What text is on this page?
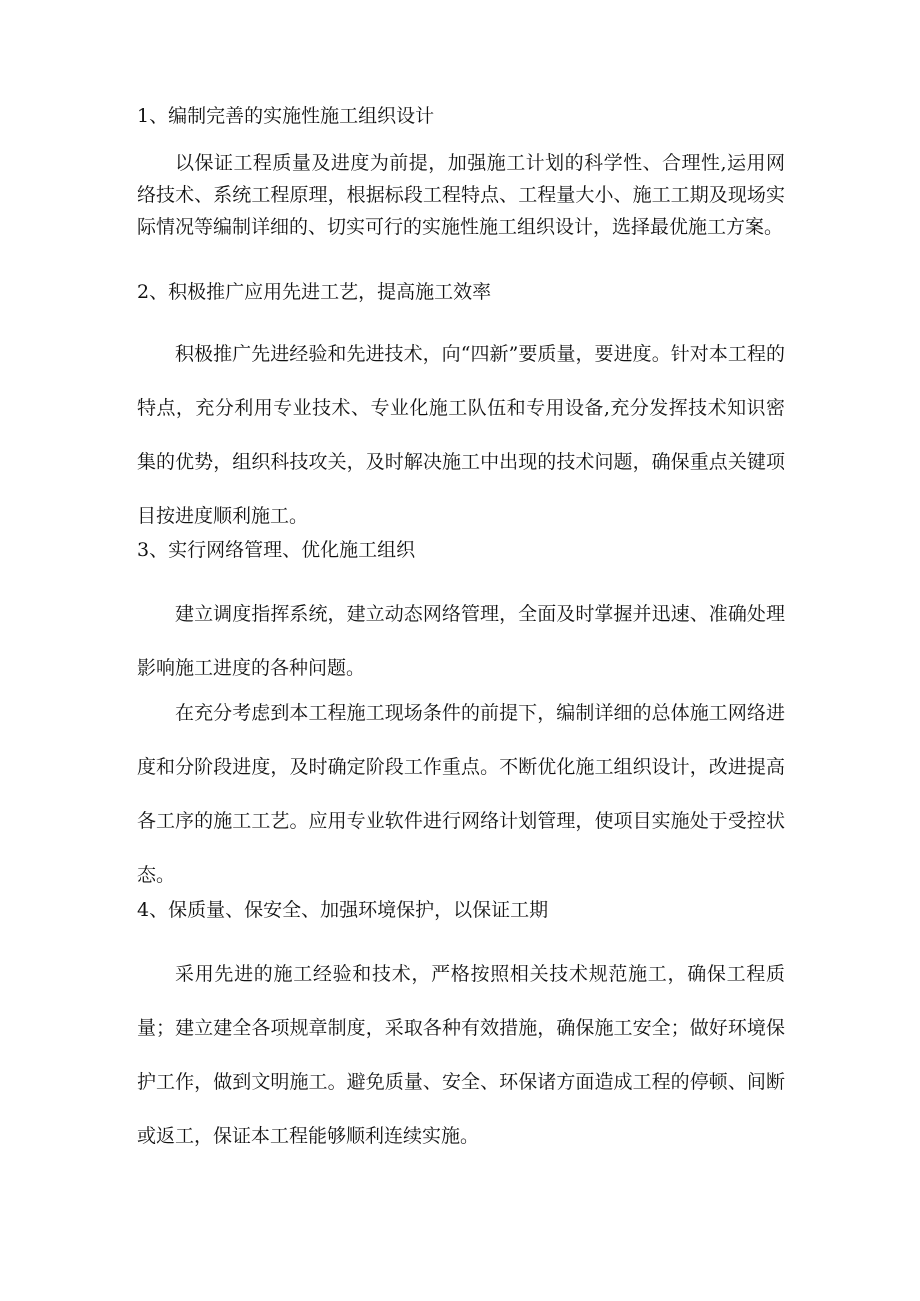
1、编制完善的实施性施工组织设计

以保证工程质量及进度为前提，加强施工计划的科学性、合理性,运用网络技术、系统工程原理，根据标段工程特点、工程量大小、施工工期及现场实际情况等编制详细的、切实可行的实施性施工组织设计，选择最优施工方案。

2、积极推广应用先进工艺，提高施工效率

积极推广先进经验和先进技术，向“四新”要质量，要进度。针对本工程的特点，充分利用专业技术、专业化施工队伍和专用设备,充分发挥技术知识密集的优势，组织科技攻关，及时解决施工中出现的技术问题，确保重点关键项目按进度顺利施工。

3、实行网络管理、优化施工组织

建立调度指挥系统，建立动态网络管理，全面及时掌握并迅速、准确处理影响施工进度的各种问题。

在充分考虑到本工程施工现场条件的前提下，编制详细的总体施工网络进度和分阶段进度，及时确定阶段工作重点。不断优化施工组织设计，改进提高各工序的施工工艺。应用专业软件进行网络计划管理，使项目实施处于受控状态。

4、保质量、保安全、加强环境保护，以保证工期

采用先进的施工经验和技术，严格按照相关技术规范施工，确保工程质量；建立建全各项规章制度，采取各种有效措施，确保施工安全；做好环境保护工作，做到文明施工。避免质量、安全、环保诸方面造成工程的停顿、间断或返工，保证本工程能够顺利连续实施。
